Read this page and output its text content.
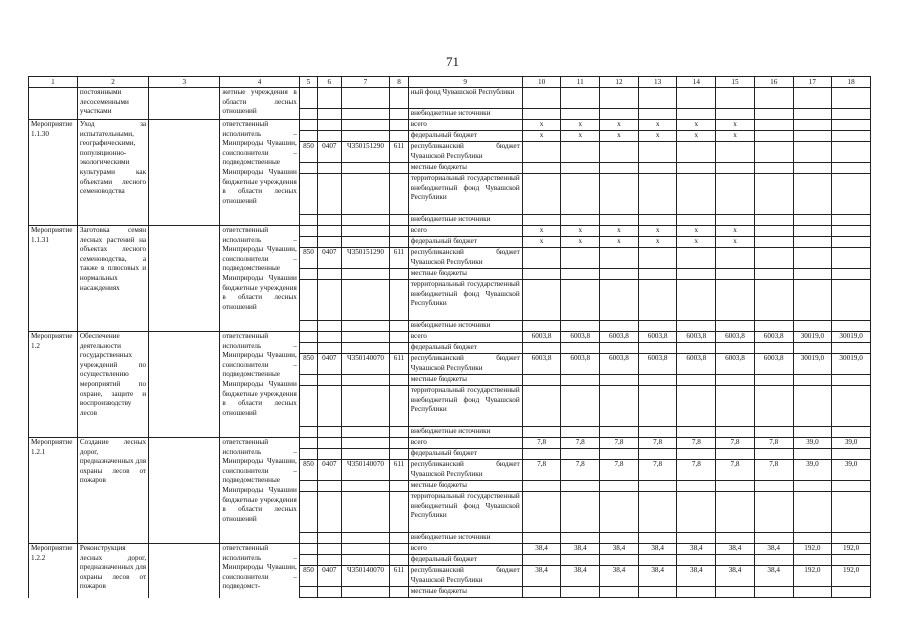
71
1	2	3	4	5	6	7	8	9	10	11	12	13	14	15	16	17	18
	постоянными лесосеменными участками		жетные учреждения в области лесных отношений					ный фонд Чувашской Республики									
								внебюджетные источники									
Мероприятие 1.1.30	Уход за испытательными, географическими, популяционно-экологическими культурами как объектами лесного семеноводства		ответственный исполнитель – Минприроды Чувашии, соисполнители – подведомственные Минприроды Чувашии бюджетные учреждения в области лесных отношений					всего	x	x	x	x	x	x			
								федеральный бюджет	x	x	x	x	x	x			
				850	0407	Ч350151290	611	республиканский бюджет Чувашской Республики									
								местные бюджеты									
								территориальный государственный внебюджетный фонд Чувашской Республики									
								внебюджетные источники									
Мероприятие 1.1.31	Заготовка семян лесных растений на объектах лесного семеноводства, а также в плюсовых и нормальных насаждениях		ответственный исполнитель – Минприроды Чувашии, соисполнители – подведомственные Минприроды Чувашии бюджетные учреждения в области лесных отношений					всего	x	x	x	x	x	x			
								федеральный бюджет	x	x	x	x	x	x			
				850	0407	Ч350151290	611	республиканский бюджет Чувашской Республики									
								местные бюджеты									
								территориальный государственный внебюджетный фонд Чувашской Республики									
								внебюджетные источники									
Мероприятие 1.2	Обеспечение деятельности государственных учреждений по осуществлению мероприятий по охране, защите и воспроизводству лесов		ответственный исполнитель – Минприроды Чувашии, соисполнители – подведомственные Минприроды Чувашии бюджетные учреждения в области лесных отношений					всего	6003,8	6003,8	6003,8	6003,8	6003,8	6003,8	6003,8	30019,0	30019,0
								федеральный бюджет									
				850	0407	Ч350140070	611	республиканский бюджет Чувашской Республики	6003,8	6003,8	6003,8	6003,8	6003,8	6003,8	6003,8	30019,0	30019,0
								местные бюджеты									
								территориальный государственный внебюджетный фонд Чувашской Республики									
								внебюджетные источники									
Мероприятие 1.2.1	Создание лесных дорог, предназначенных для охраны лесов от пожаров		ответственный исполнитель – Минприроды Чувашии, соисполнители – подведомственные Минприроды Чувашии бюджетные учреждения в области лесных отношений					всего	7,8	7,8	7,8	7,8	7,8	7,8	7,8	39,0	39,0
								федеральный бюджет									
				850	0407	Ч350140070	611	республиканский бюджет Чувашской Республики	7,8	7,8	7,8	7,8	7,8	7,8	7,8	39,0	39,0
								местные бюджеты									
								территориальный государственный внебюджетный фонд Чувашской Республики									
								внебюджетные источники									
Мероприятие 1.2.2	Реконструкция лесных дорог, предназначенных для охраны лесов от пожаров		ответственный исполнитель – Минприроды Чувашии, соисполнители – подведомст-					всего	38,4	38,4	38,4	38,4	38,4	38,4	38,4	192,0	192,0
								федеральный бюджет									
				850	0407	Ч350140070	611	республиканский бюджет Чувашской Республики	38,4	38,4	38,4	38,4	38,4	38,4	38,4	192,0	192,0
								местные бюджеты									
